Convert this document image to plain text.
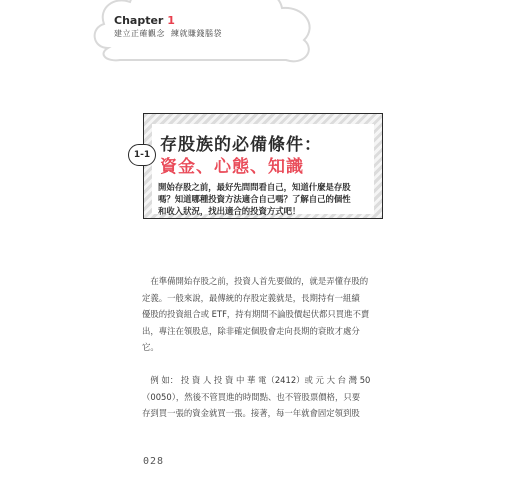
Chapter 1
建立正確觀念 練就賺錢腦袋
1-1 存股族的必備條件：
資金、心態、知識
開始存股之前，最好先問問看自己，知道什麼是存股
嗎？知道哪種投資方法適合自己嗎？了解自己的個性
和收入狀況，找出適合的投資方式吧！
　在準備開始存股之前，投資人首先要做的，就是弄懂存股的
定義。一般來說，最傳統的存股定義就是，長期持有一組績
優股的投資組合或 ETF，持有期間不論股價起伏都只買進不賣
出，專注在領股息，除非確定個股會走向長期的衰敗才處分
它。
　例 如： 投 資 人 投 資 中 華 電（2412）或 元 大 台 灣 50
（0050），然後不管買進的時間點、也不管股票價格，只要
存到買一張的資金就買一張。接著，每一年就會固定領到股
028
